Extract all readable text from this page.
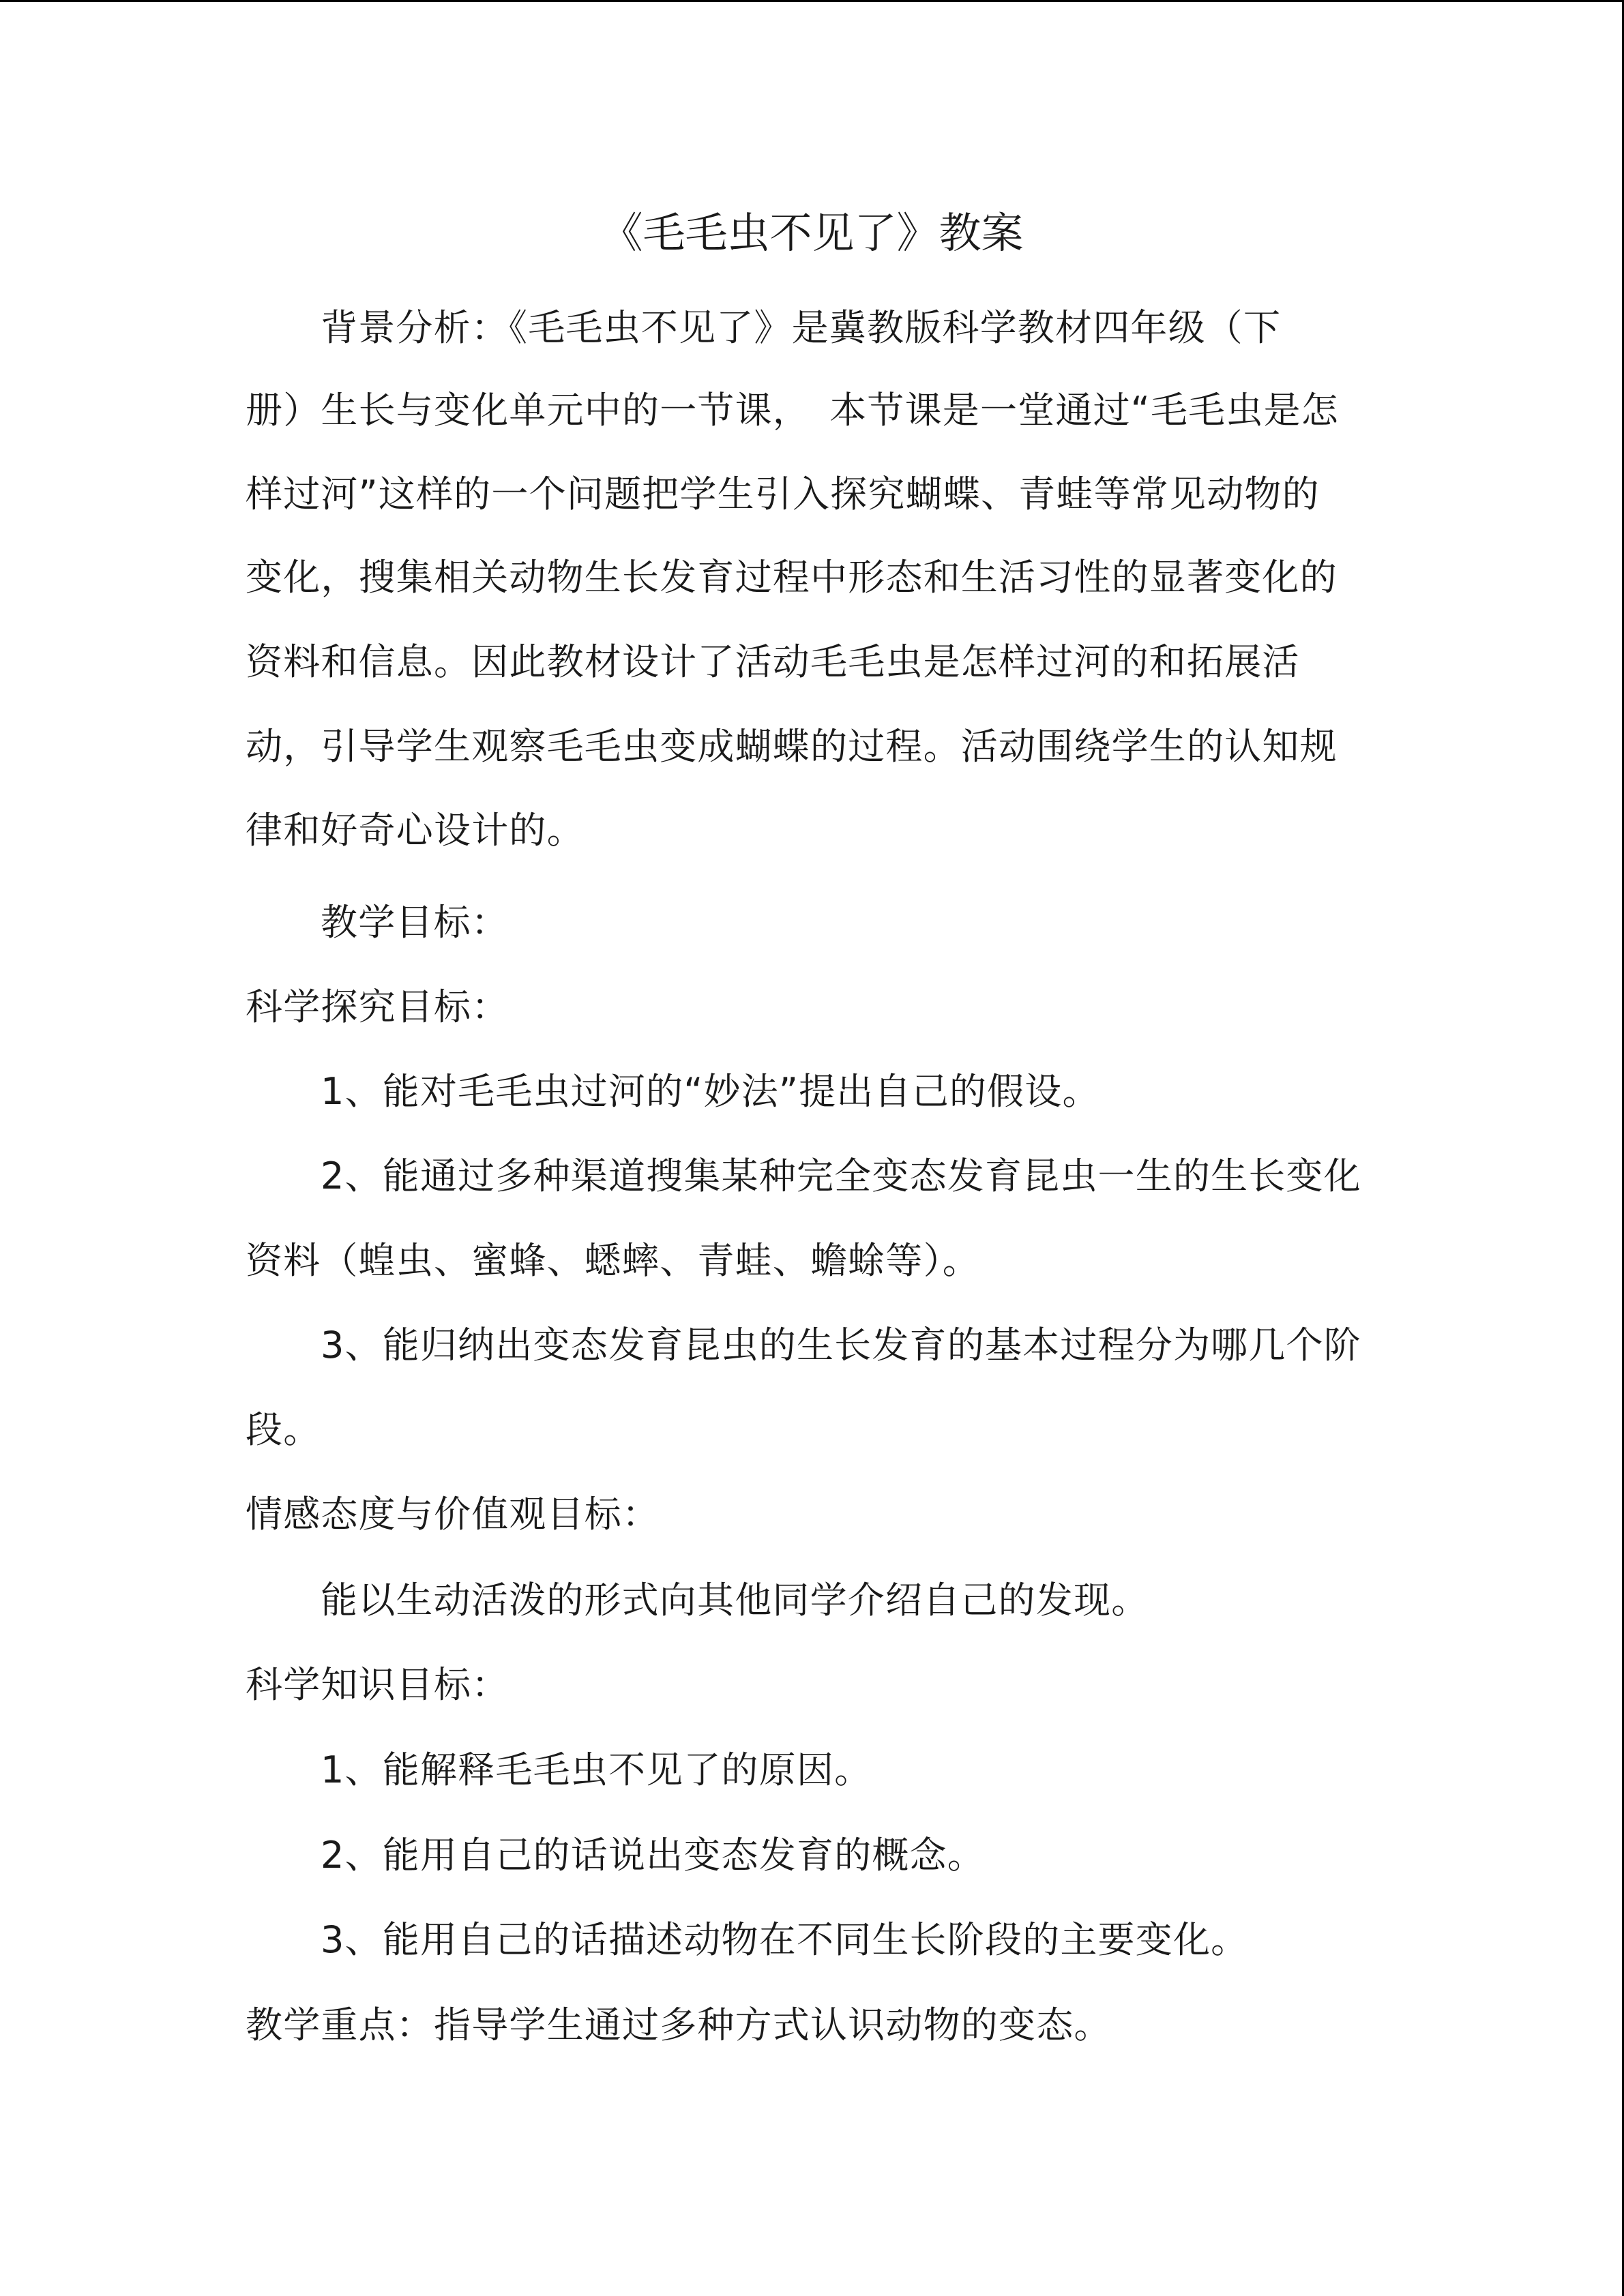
《毛毛虫不见了》教案
背景分析：《毛毛虫不见了》是冀教版科学教材四年级（下
册）生长与变化单元中的一节课，　本节课是一堂通过“毛毛虫是怎
样过河”这样的一个问题把学生引入探究蝴蝶、青蛙等常见动物的
变化，搜集相关动物生长发育过程中形态和生活习性的显著变化的
资料和信息。因此教材设计了活动毛毛虫是怎样过河的和拓展活
动，引导学生观察毛毛虫变成蝴蝶的过程。活动围绕学生的认知规
律和好奇心设计的。
教学目标：
科学探究目标：
1、能对毛毛虫过河的“妙法”提出自己的假设。
2、能通过多种渠道搜集某种完全变态发育昆虫一生的生长变化
资料（蝗虫、蜜蜂、蟋蟀、青蛙、蟾蜍等）。
3、能归纳出变态发育昆虫的生长发育的基本过程分为哪几个阶
段。
情感态度与价值观目标：
能以生动活泼的形式向其他同学介绍自己的发现。
科学知识目标：
1、能解释毛毛虫不见了的原因。
2、能用自己的话说出变态发育的概念。
3、能用自己的话描述动物在不同生长阶段的主要变化。
教学重点：指导学生通过多种方式认识动物的变态。
